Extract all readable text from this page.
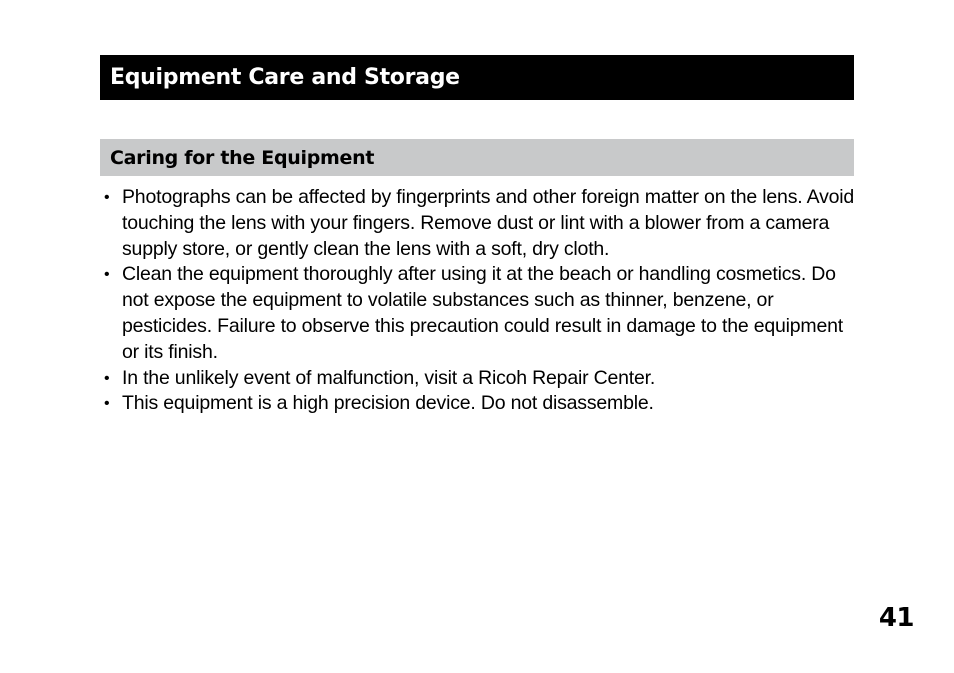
Equipment Care and Storage
Caring for the Equipment
• Photographs can be affected by fingerprints and other foreign matter on the lens. Avoid touching the lens with your fingers. Remove dust or lint with a blower from a camera supply store, or gently clean the lens with a soft, dry cloth.
• Clean the equipment thoroughly after using it at the beach or handling cosmetics. Do not expose the equipment to volatile substances such as thinner, benzene, or pesticides. Failure to observe this precaution could result in damage to the equipment or its finish.
• In the unlikely event of malfunction, visit a Ricoh Repair Center.
• This equipment is a high precision device. Do not disassemble.
41
